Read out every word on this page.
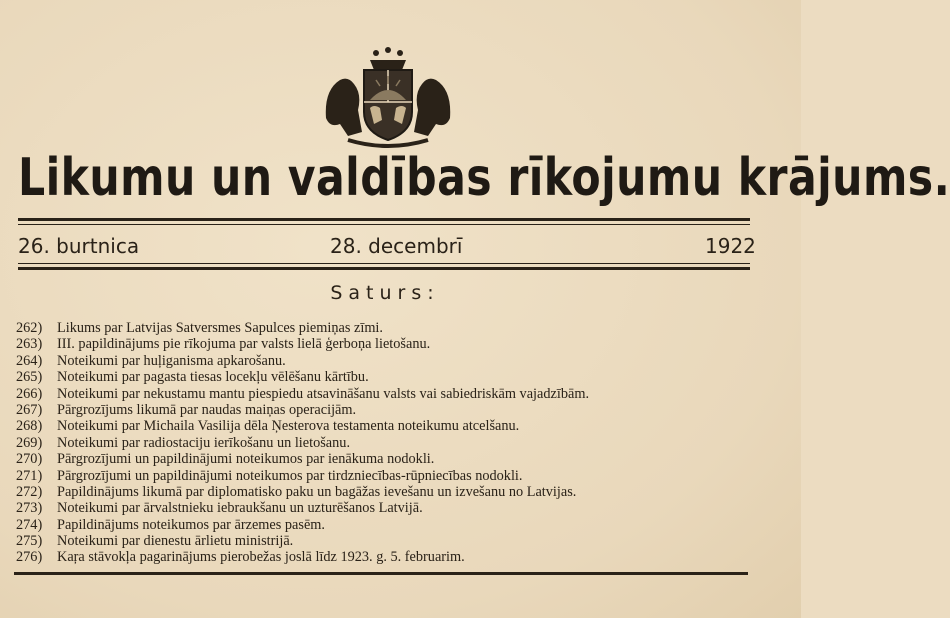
Likumu un valdības rīkojumu krājums.
26. burtnica	28. decembrī	1922
Saturs:
262) Likums par Latvijas Satversmes Sapulces piemiņas zīmi.
263) III. papildinājums pie rīkojuma par valsts lielā ģerboņa lietošanu.
264) Noteikumi par huļiganisma apkarošanu.
265) Noteikumi par pagasta tiesas locekļu vēlēšanu kārtību.
266) Noteikumi par nekustamu mantu piespiedu atsavināšanu valsts vai sabiedriskām vajadzībām.
267) Pārgrozījums likumā par naudas maiņas operacijām.
268) Noteikumi par Michaila Vasilija dēla Ņesterova testamenta noteikumu atcelšanu.
269) Noteikumi par radiostaciju ierīkošanu un lietošanu.
270) Pārgrozījumi un papildinājumi noteikumos par ienākuma nodokli.
271) Pārgrozījumi un papildinājumi noteikumos par tirdzniecības-rūpniecības nodokli.
272) Papildinājums likumā par diplomatisko paku un bagāžas ievešanu un izvešanu no Latvijas.
273) Noteikumi par ārvalstnieku iebraukšanu un uzturēšanos Latvijā.
274) Papildinājums noteikumos par ārzemes pasēm.
275) Noteikumi par dienestu ārlietu ministrijā.
276) Kaŗa stāvokļa pagarinājums pierobežas joslā līdz 1923. g. 5. februarim.
